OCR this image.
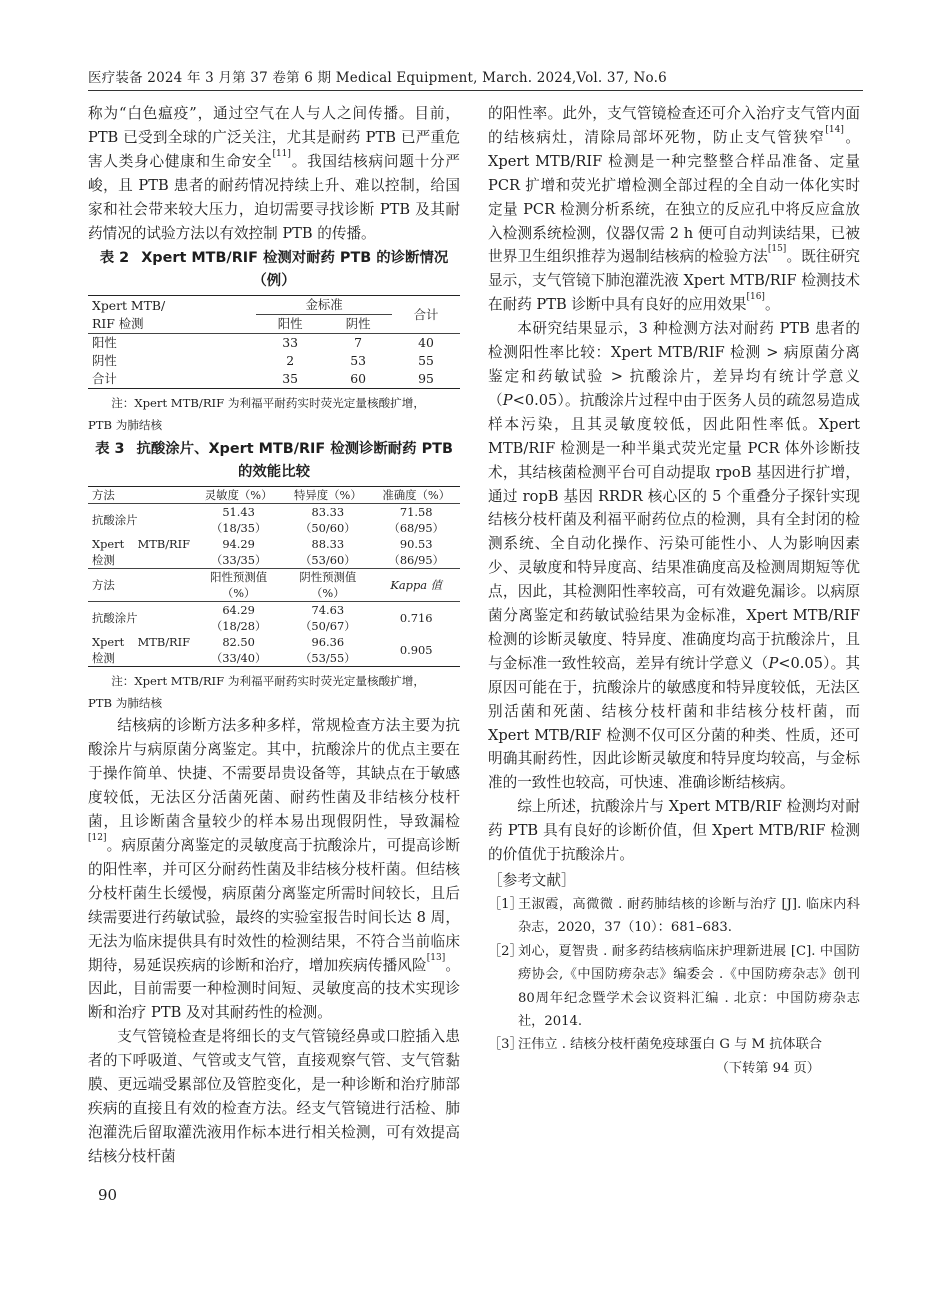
医疗装备 2024 年 3 月第 37 卷第 6 期 Medical Equipment, March. 2024,Vol. 37, No.6

称为“白色瘟疫”，通过空气在人与人之间传播。目前，PTB 已受到全球的广泛关注，尤其是耐药 PTB 已严重危害人类身心健康和生命安全[11]。我国结核病问题十分严峻，且 PTB 患者的耐药情况持续上升、难以控制，给国家和社会带来较大压力，迫切需要寻找诊断 PTB 及其耐药情况的试验方法以有效控制 PTB 的传播。

表 2 Xpert MTB/RIF 检测对耐药 PTB 的诊断情况（例）
Xpert MTB/
RIF 检测	金标准		合计
	阳性	阴性	
阳性	33	7	40
阴性	2	53	55
合计	35	60	95
注：Xpert MTB/RIF 为利福平耐药实时荧光定量核酸扩增，
PTB 为肺结核
表 3 抗酸涂片、Xpert MTB/RIF 检测诊断耐药 PTB 的效能比较
方法	灵敏度（%）	特异度（%）	准确度（%）
抗酸涂片	51.43（18/35）	83.33（50/60）	71.58（68/95）
Xpert MTB/RIF 检测	94.29（33/35）	88.33（53/60）	90.53（86/95）
方法	阳性预测值（%）	阴性预测值（%）	Kappa 值
抗酸涂片	64.29（18/28）	74.63（50/67）	0.716
Xpert MTB/RIF 检测	82.50（33/40）	96.36（53/55）	0.905
注：Xpert MTB/RIF 为利福平耐药实时荧光定量核酸扩增，
PTB 为肺结核

结核病的诊断方法多种多样，常规检查方法主要为抗酸涂片与病原菌分离鉴定。其中，抗酸涂片的优点主要在于操作简单、快捷、不需要昂贵设备等，其缺点在于敏感度较低，无法区分活菌死菌、耐药性菌及非结核分枝杆菌，且诊断菌含量较少的样本易出现假阴性，导致漏检[12]。病原菌分离鉴定的灵敏度高于抗酸涂片，可提高诊断的阳性率，并可区分耐药性菌及非结核分枝杆菌。但结核分枝杆菌生长缓慢，病原菌分离鉴定所需时间较长，且后续需要进行药敏试验，最终的实验室报告时间长达 8 周，无法为临床提供具有时效性的检测结果，不符合当前临床期待，易延误疾病的诊断和治疗，增加疾病传播风险[13]。因此，目前需要一种检测时间短、灵敏度高的技术实现诊断和治疗 PTB 及对其耐药性的检测。

支气管镜检查是将细长的支气管镜经鼻或口腔插入患者的下呼吸道、气管或支气管，直接观察气管、支气管黏膜、更远端受累部位及管腔变化，是一种诊断和治疗肺部疾病的直接且有效的检查方法。经支气管镜进行活检、肺泡灌洗后留取灌洗液用作标本进行相关检测，可有效提高结核分枝杆菌

的阳性率。此外，支气管镜检查还可介入治疗支气管内面的结核病灶，清除局部坏死物，防止支气管狭窄[14]。Xpert MTB/RIF 检测是一种完整整合样品准备、定量 PCR 扩增和荧光扩增检测全部过程的全自动一体化实时定量 PCR 检测分析系统，在独立的反应孔中将反应盒放入检测系统检测，仪器仅需 2 h 便可自动判读结果，已被世界卫生组织推荐为遏制结核病的检验方法[15]。既往研究显示，支气管镜下肺泡灌洗液 Xpert MTB/RIF 检测技术在耐药 PTB 诊断中具有良好的应用效果[16]。

本研究结果显示，3 种检测方法对耐药 PTB 患者的检测阳性率比较：Xpert MTB/RIF 检测 > 病原菌分离鉴定和药敏试验 > 抗酸涂片，差异均有统计学意义（P<0.05）。抗酸涂片过程中由于医务人员的疏忽易造成样本污染，且其灵敏度较低，因此阳性率低。Xpert MTB/RIF 检测是一种半巢式荧光定量 PCR 体外诊断技术，其结核菌检测平台可自动提取 rpoB 基因进行扩增，通过 ropB 基因 RRDR 核心区的 5 个重叠分子探针实现结核分枝杆菌及利福平耐药位点的检测，具有全封闭的检测系统、全自动化操作、污染可能性小、人为影响因素少、灵敏度和特异度高、结果准确度高及检测周期短等优点，因此，其检测阳性率较高，可有效避免漏诊。以病原菌分离鉴定和药敏试验结果为金标准，Xpert MTB/RIF 检测的诊断灵敏度、特异度、准确度均高于抗酸涂片，且与金标准一致性较高，差异有统计学意义（P<0.05）。其原因可能在于，抗酸涂片的敏感度和特异度较低，无法区别活菌和死菌、结核分枝杆菌和非结核分枝杆菌，而 Xpert MTB/RIF 检测不仅可区分菌的种类、性质，还可明确其耐药性，因此诊断灵敏度和特异度均较高，与金标准的一致性也较高，可快速、准确诊断结核病。

综上所述，抗酸涂片与 Xpert MTB/RIF 检测均对耐药 PTB 具有良好的诊断价值，但 Xpert MTB/RIF 检测的价值优于抗酸涂片。

［参考文献］
［1］
王淑霞，高微微 . 耐药肺结核的诊断与治疗 [J]. 临床内科杂志，2020，37（10）：681–683.
［2］
刘心，夏智贵 . 耐多药结核病临床护理新进展 [C]. 中国防痨协会,《中国防痨杂志》编委会 .《中国防痨杂志》创刊80周年纪念暨学术会议资料汇编 . 北京：中国防痨杂志社，2014.
［3］
汪伟立 . 结核分枝杆菌免疫球蛋白 G 与 M 抗体联合
（下转第 94 页）
90
